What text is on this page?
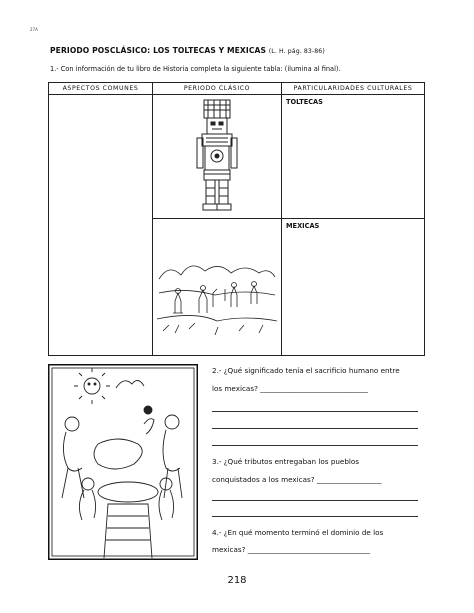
27A
PERIODO POSCLÁSICO: LOS TOLTECAS Y MEXICAS (L. H. pág. 83-86)
1.- Con información de tu libro de Historia completa la siguiente tabla: (ilumina al final).
ASPECTOS COMUNES	PERIODO CLÁSICO	PARTICULARIDADES CULTURALES

TOLTECAS

MEXICAS
2.- ¿Qué significado tenía el sacrificio humano entre
los mexicas? ______________________________
3.- ¿Qué tributos entregaban los pueblos
conquistados a los mexicas? __________________
4.- ¿En qué momento terminó el dominio de los
mexicas? __________________________________
218
